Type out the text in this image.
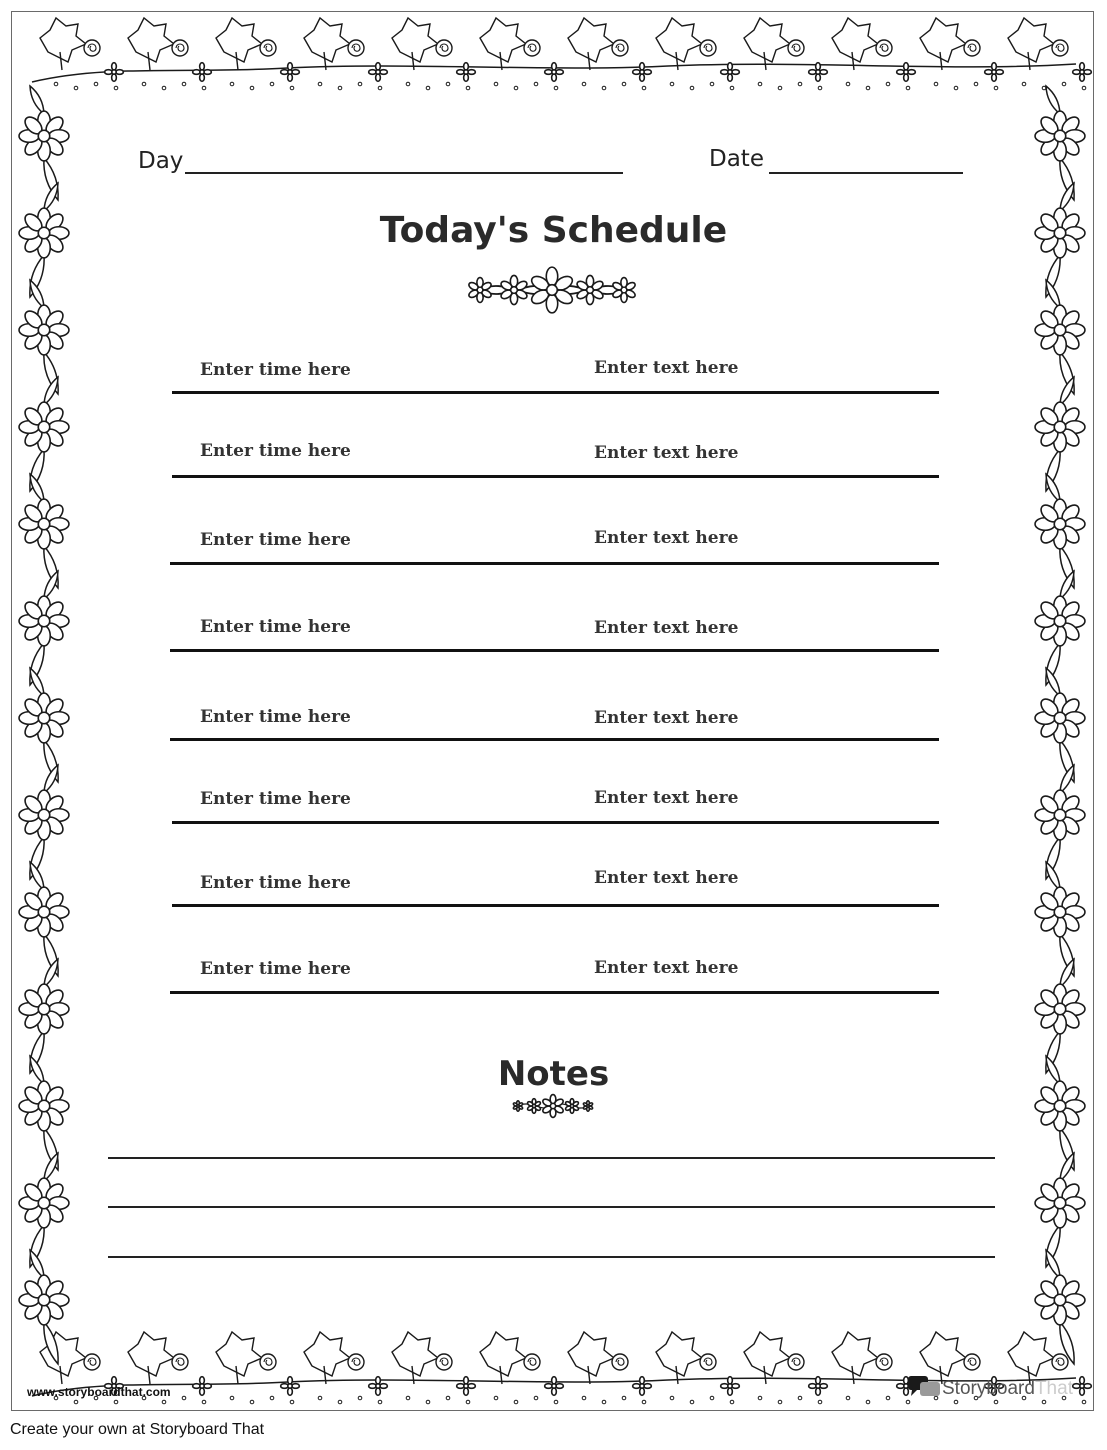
Day	Date
Today's Schedule
Enter time here	Enter text here
Enter time here	Enter text here
Enter time here	Enter text here
Enter time here	Enter text here
Enter time here	Enter text here
Enter time here	Enter text here
Enter time here	Enter text here
Enter time here	Enter text here
Notes
www.storyboardthat.com	StoryboardThat
Create your own at Storyboard That
